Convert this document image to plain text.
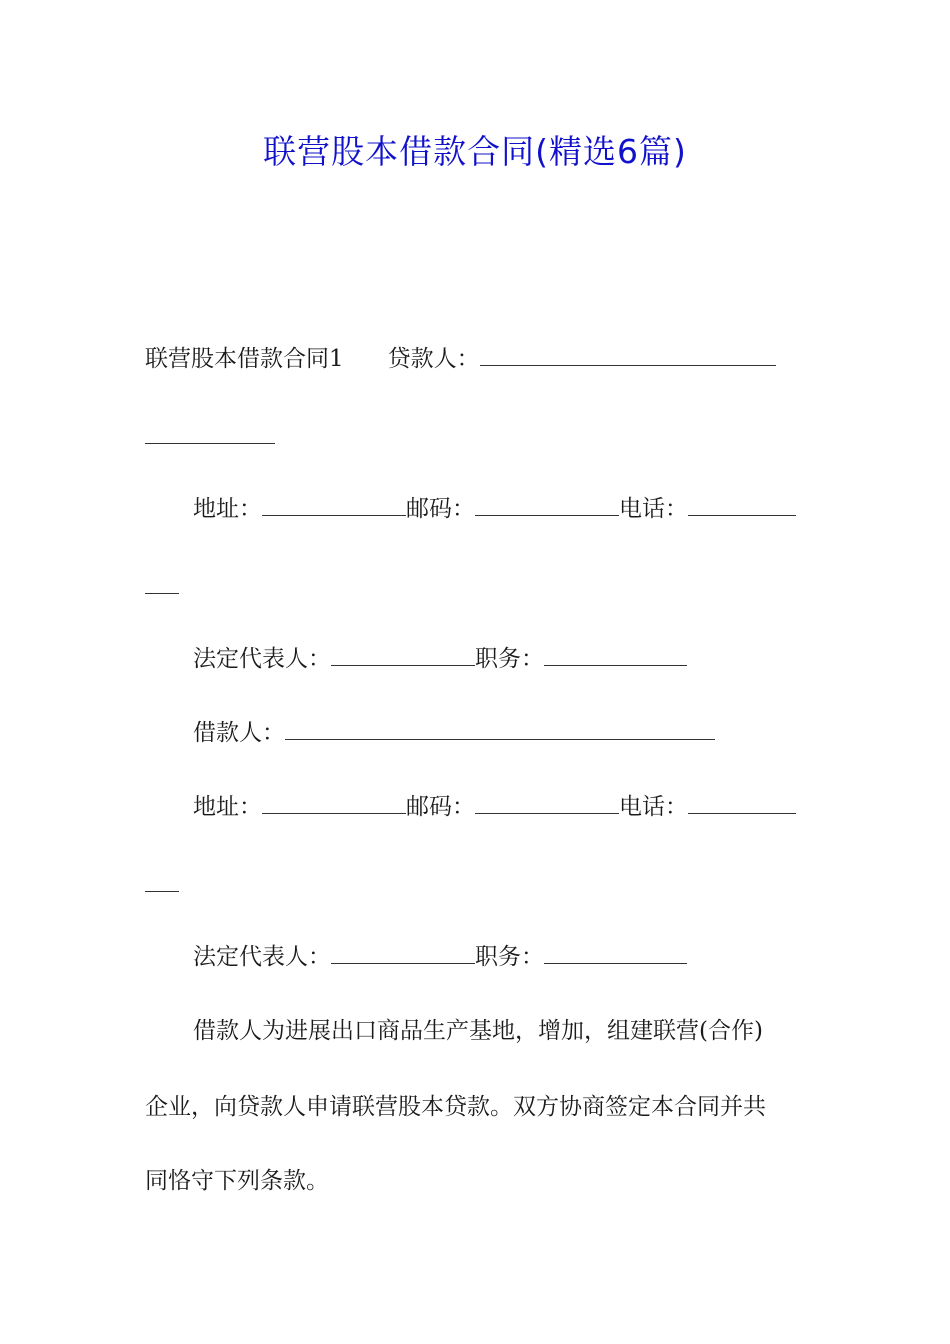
联营股本借款合同(精选6篇)
联营股本借款合同1 贷款人：
地址：	邮码：	电话：
法定代表人：	职务：
借款人：
地址：	邮码：	电话：
法定代表人：	职务：
借款人为进展出口商品生产基地，增加，组建联营(合作)
企业，向贷款人申请联营股本贷款。双方协商签定本合同并共
同恪守下列条款。
